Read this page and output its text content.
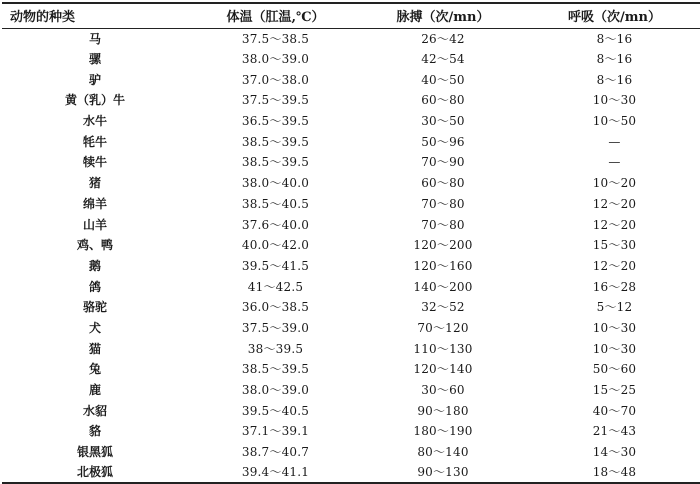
动物的种类	体温（肛温,℃）	脉搏（次/mn）	呼吸（次/mn）
马	37.5～38.5	26～42	8～16
骡	38.0～39.0	42～54	8～16
驴	37.0～38.0	40～50	8～16
黄（乳）牛	37.5～39.5	60～80	10～30
水牛	36.5～39.5	30～50	10～50
牦牛	38.5～39.5	50～96	—
犊牛	38.5～39.5	70～90	—
猪	38.0～40.0	60～80	10～20
绵羊	38.5～40.5	70～80	12～20
山羊	37.6～40.0	70～80	12～20
鸡、鸭	40.0～42.0	120～200	15～30
鹅	39.5～41.5	120～160	12～20
鸽	41～42.5	140～200	16～28
骆驼	36.0～38.5	32～52	5～12
犬	37.5～39.0	70～120	10～30
猫	38～39.5	110～130	10～30
兔	38.5～39.5	120～140	50～60
鹿	38.0～39.0	30～60	15～25
水貂	39.5～40.5	90～180	40～70
貉	37.1～39.1	180～190	21～43
银黑狐	38.7～40.7	80～140	14～30
北极狐	39.4～41.1	90～130	18～48
